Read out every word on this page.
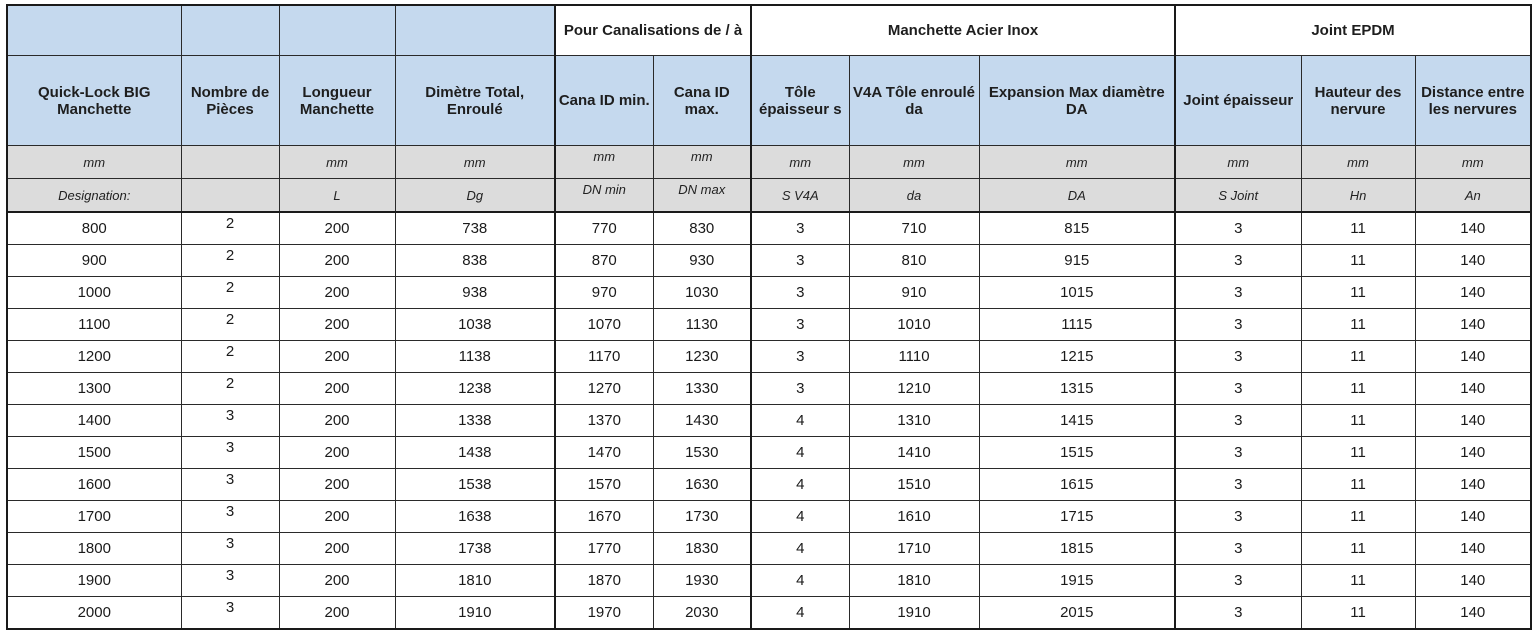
				Pour Canalisations de / à		Manchette Acier Inox			Joint EPDM		
Quick-Lock BIG Manchette	Nombre de Pièces	Longueur Manchette	Dimètre Total, Enroulé	Cana ID min.	Cana ID max.	Tôle épaisseur s	V4A Tôle enroulé da	Expansion Max diamètre DA	Joint épaisseur	Hauteur des nervure	Distance entre les nervures
mm		mm	mm	mm	mm	mm	mm	mm	mm	mm	mm
Designation:		L	Dg	DN min	DN max	S V4A	da	DA	S Joint	Hn	An
800	2	200	738	770	830	3	710	815	3	11	140
900	2	200	838	870	930	3	810	915	3	11	140
1000	2	200	938	970	1030	3	910	1015	3	11	140
1100	2	200	1038	1070	1130	3	1010	1115	3	11	140
1200	2	200	1138	1170	1230	3	1110	1215	3	11	140
1300	2	200	1238	1270	1330	3	1210	1315	3	11	140
1400	3	200	1338	1370	1430	4	1310	1415	3	11	140
1500	3	200	1438	1470	1530	4	1410	1515	3	11	140
1600	3	200	1538	1570	1630	4	1510	1615	3	11	140
1700	3	200	1638	1670	1730	4	1610	1715	3	11	140
1800	3	200	1738	1770	1830	4	1710	1815	3	11	140
1900	3	200	1810	1870	1930	4	1810	1915	3	11	140
2000	3	200	1910	1970	2030	4	1910	2015	3	11	140
